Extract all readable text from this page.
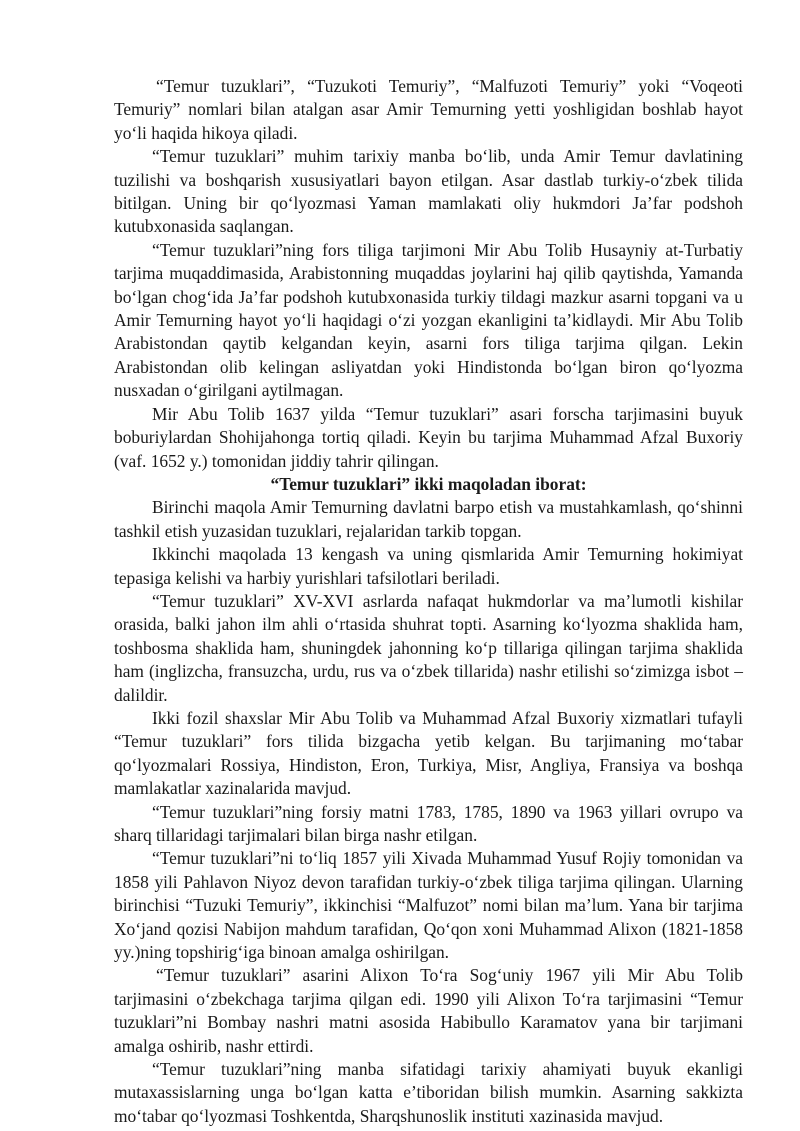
“Temur tuzuklari”, “Tuzukoti Temuriy”, “Malfuzoti Temuriy” yoki “Voqeoti Temuriy” nomlari bilan atalgan asar Amir Temurning yetti yoshligidan boshlab hayot yo‘li haqida hikoya qiladi.

“Temur tuzuklari” muhim tarixiy manba bo‘lib, unda Amir Temur davlatining tuzilishi va boshqarish xususiyatlari bayon etilgan. Asar dastlab turkiy-o‘zbek tilida bitilgan. Uning bir qo‘lyozmasi Yaman mamlakati oliy hukmdori Ja’far podshoh kutubxonasida saqlangan.

“Temur tuzuklari”ning fors tiliga tarjimoni Mir Abu Tolib Husayniy at-Turbatiy tarjima muqaddimasida, Arabistonning muqaddas joylarini haj qilib qaytishda, Yamanda bo‘lgan chog‘ida Ja’far podshoh kutubxonasida turkiy tildagi mazkur asarni topgani va u Amir Temurning hayot yo‘li haqidagi o‘zi yozgan ekanligini ta’kidlaydi. Mir Abu Tolib Arabistondan qaytib kelgandan keyin, asarni fors tiliga tarjima qilgan. Lekin Arabistondan olib kelingan asliyatdan yoki Hindistonda bo‘lgan biron qo‘lyozma nusxadan o‘girilgani aytilmagan.

Mir Abu Tolib 1637 yilda “Temur tuzuklari” asari forscha tarjimasini buyuk boburiylardan Shohijahonga tortiq qiladi. Keyin bu tarjima Muhammad Afzal Buxoriy (vaf. 1652 y.) tomonidan jiddiy tahrir qilingan.

“Temur tuzuklari” ikki maqoladan iborat:

Birinchi maqola Amir Temurning davlatni barpo etish va mustahkamlash, qo‘shinni tashkil etish yuzasidan tuzuklari, rejalaridan tarkib topgan.

Ikkinchi maqolada 13 kengash va uning qismlarida Amir Temurning hokimiyat tepasiga kelishi va harbiy yurishlari tafsilotlari beriladi.

“Temur tuzuklari” XV-XVI asrlarda nafaqat hukmdorlar va ma’lumotli kishilar orasida, balki jahon ilm ahli o‘rtasida shuhrat topti. Asarning ko‘lyozma shaklida ham, toshbosma shaklida ham, shuningdek jahonning ko‘p tillariga qilingan tarjima shaklida ham (inglizcha, fransuzcha, urdu, rus va o‘zbek tillarida) nashr etilishi so‘zimizga isbot –dalildir.

Ikki fozil shaxslar Mir Abu Tolib va Muhammad Afzal Buxoriy xizmatlari tufayli “Temur tuzuklari” fors tilida bizgacha yetib kelgan. Bu tarjimaning mo‘tabar qo‘lyozmalari Rossiya, Hindiston, Eron, Turkiya, Misr, Angliya, Fransiya va boshqa mamlakatlar xazinalarida mavjud.

“Temur tuzuklari”ning forsiy matni 1783, 1785, 1890 va 1963 yillari ovrupo va sharq tillaridagi tarjimalari bilan birga nashr etilgan.

“Temur tuzuklari”ni to‘liq 1857 yili Xivada Muhammad Yusuf Rojiy tomonidan va 1858 yili Pahlavon Niyoz devon tarafidan turkiy-o‘zbek tiliga tarjima qilingan. Ularning birinchisi “Tuzuki Temuriy”, ikkinchisi “Malfuzot” nomi bilan ma’lum. Yana bir tarjima Xo‘jand qozisi Nabijon mahdum tarafidan, Qo‘qon xoni Muhammad Alixon (1821-1858 yy.)ning topshirig‘iga binoan amalga oshirilgan.

“Temur tuzuklari” asarini Alixon To‘ra Sog‘uniy 1967 yili Mir Abu Tolib tarjimasini o‘zbekchaga tarjima qilgan edi. 1990 yili Alixon To‘ra tarjimasini “Temur tuzuklari”ni Bombay nashri matni asosida Habibullo Karamatov yana bir tarjimani amalga oshirib, nashr ettirdi.

“Temur tuzuklari”ning manba sifatidagi tarixiy ahamiyati buyuk ekanligi mutaxassislarning unga bo‘lgan katta e’tiboridan bilish mumkin. Asarning sakkizta mo‘tabar qo‘lyozmasi Toshkentda, Sharqshunoslik instituti xazinasida mavjud.
